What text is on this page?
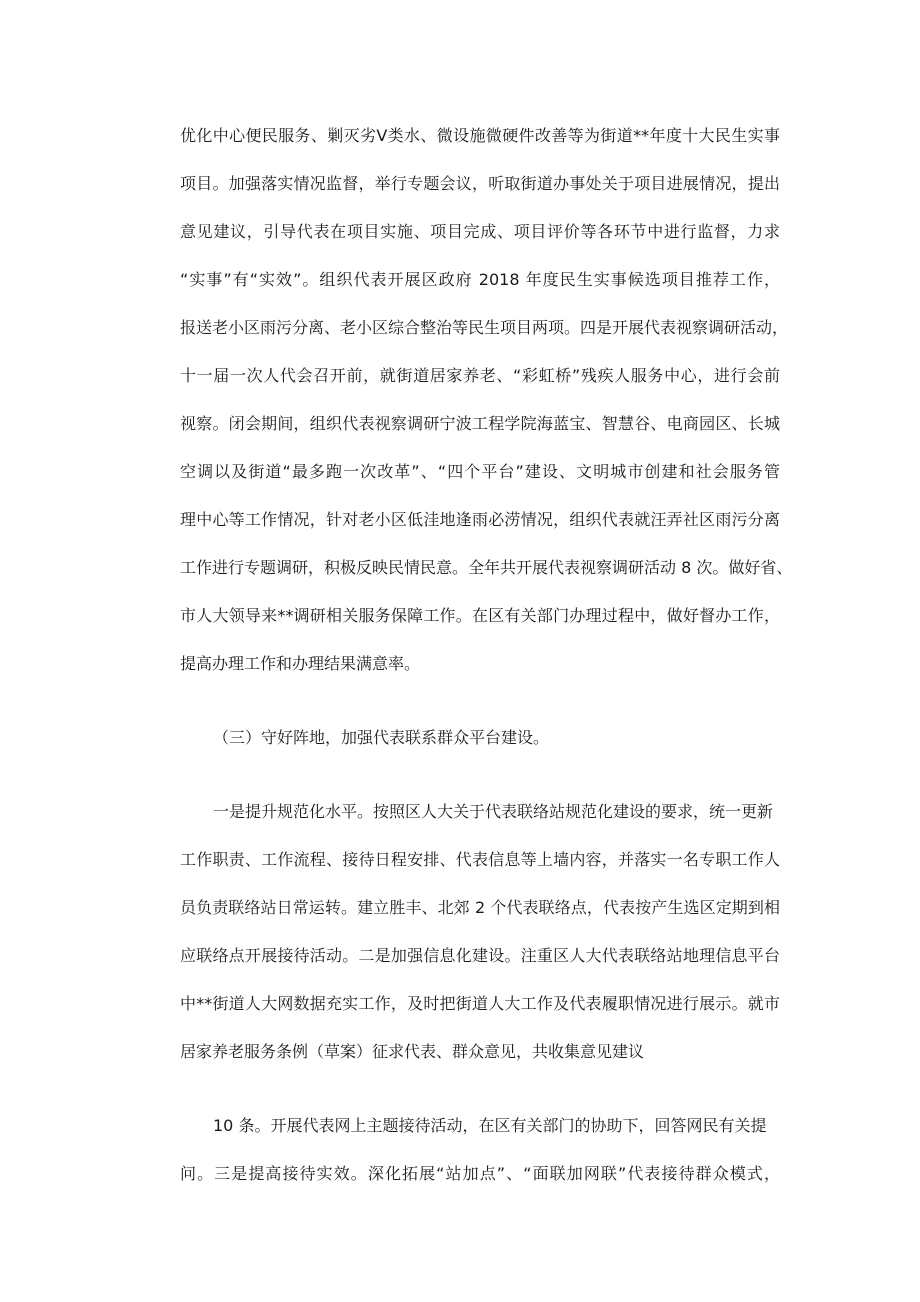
优化中心便民服务、剿灭劣Ⅴ类水、微设施微硬件改善等为街道**年度十大民生实事
项目。加强落实情况监督，举行专题会议，听取街道办事处关于项目进展情况，提出
意见建议，引导代表在项目实施、项目完成、项目评价等各环节中进行监督，力求
“实事”有“实效”。组织代表开展区政府 2018 年度民生实事候选项目推荐工作，
报送老小区雨污分离、老小区综合整治等民生项目两项。四是开展代表视察调研活动，
十一届一次人代会召开前，就街道居家养老、“彩虹桥”残疾人服务中心，进行会前
视察。闭会期间，组织代表视察调研宁波工程学院海蓝宝、智慧谷、电商园区、长城
空调以及街道“最多跑一次改革”、“四个平台”建设、文明城市创建和社会服务管
理中心等工作情况，针对老小区低洼地逢雨必涝情况，组织代表就汪弄社区雨污分离
工作进行专题调研，积极反映民情民意。全年共开展代表视察调研活动 8 次。做好省、
市人大领导来**调研相关服务保障工作。在区有关部门办理过程中，做好督办工作，
提高办理工作和办理结果满意率。
（三）守好阵地，加强代表联系群众平台建设。
一是提升规范化水平。按照区人大关于代表联络站规范化建设的要求，统一更新
工作职责、工作流程、接待日程安排、代表信息等上墙内容，并落实一名专职工作人
员负责联络站日常运转。建立胜丰、北郊 2 个代表联络点，代表按产生选区定期到相
应联络点开展接待活动。二是加强信息化建设。注重区人大代表联络站地理信息平台
中**街道人大网数据充实工作，及时把街道人大工作及代表履职情况进行展示。就市
居家养老服务条例（草案）征求代表、群众意见，共收集意见建议
10 条。开展代表网上主题接待活动，在区有关部门的协助下，回答网民有关提
问。三是提高接待实效。深化拓展“站加点”、“面联加网联”代表接待群众模式，
